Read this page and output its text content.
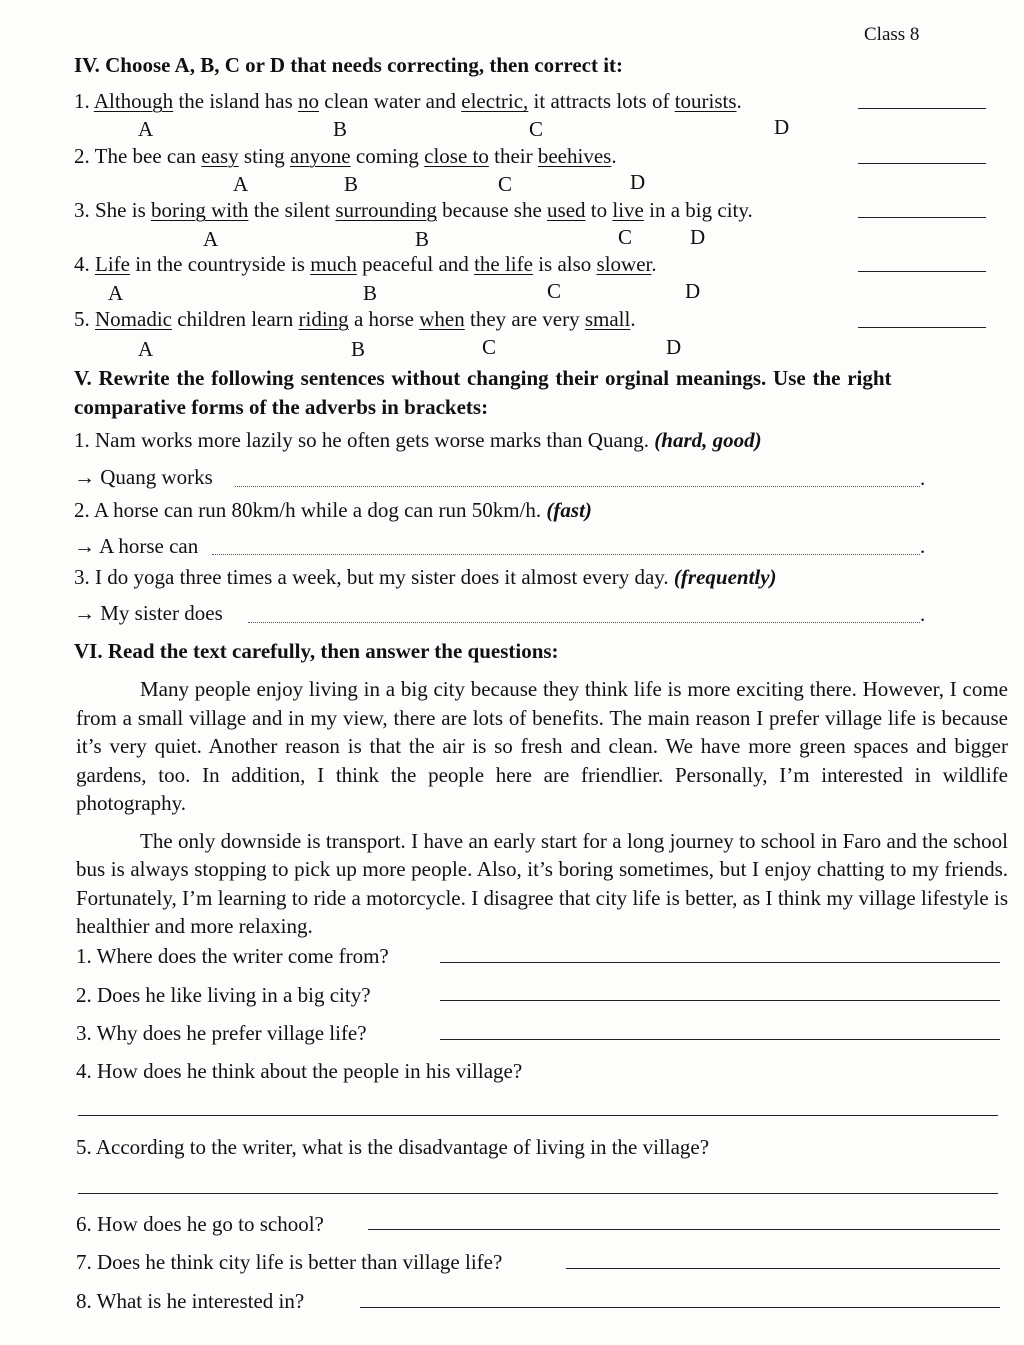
Class 8
IV. Choose A, B, C or D that needs correcting, then correct it:
1. Although the island has no clean water and electric, it attracts lots of tourists.
A	B	C	D
2. The bee can easy sting anyone coming close to their beehives.
A	B	C	D
3. She is boring with the silent surrounding because she used to live in a big city.
A	B	C	D
4. Life in the countryside is much peaceful and the life is also slower.
A	B	C	D
5. Nomadic children learn riding a horse when they are very small.
A	B	C	D
V. Rewrite the following sentences without changing their orginal meanings. Use the right
comparative forms of the adverbs in brackets:
1. Nam works more lazily so he often gets worse marks than Quang. (hard, good)
→ Quang works	.
2. A horse can run 80km/h while a dog can run 50km/h. (fast)
→ A horse can	.
3. I do yoga three times a week, but my sister does it almost every day. (frequently)
→ My sister does	.
VI. Read the text carefully, then answer the questions:

Many people enjoy living in a big city because they think life is more exciting there. However, I come from a small village and in my view, there are lots of benefits. The main reason I prefer village life is because it’s very quiet. Another reason is that the air is so fresh and clean. We have more green spaces and bigger gardens, too. In addition, I think the people here are friendlier. Personally, I’m interested in wildlife photography.

The only downside is transport. I have an early start for a long journey to school in Faro and the school bus is always stopping to pick up more people. Also, it’s boring sometimes, but I enjoy chatting to my friends. Fortunately, I’m learning to ride a motorcycle. I disagree that city life is better, as I think my village lifestyle is healthier and more relaxing.

1. Where does the writer come from?
2. Does he like living in a big city?
3. Why does he prefer village life?
4. How does he think about the people in his village?
5. According to the writer, what is the disadvantage of living in the village?
6. How does he go to school?
7. Does he think city life is better than village life?
8. What is he interested in?
